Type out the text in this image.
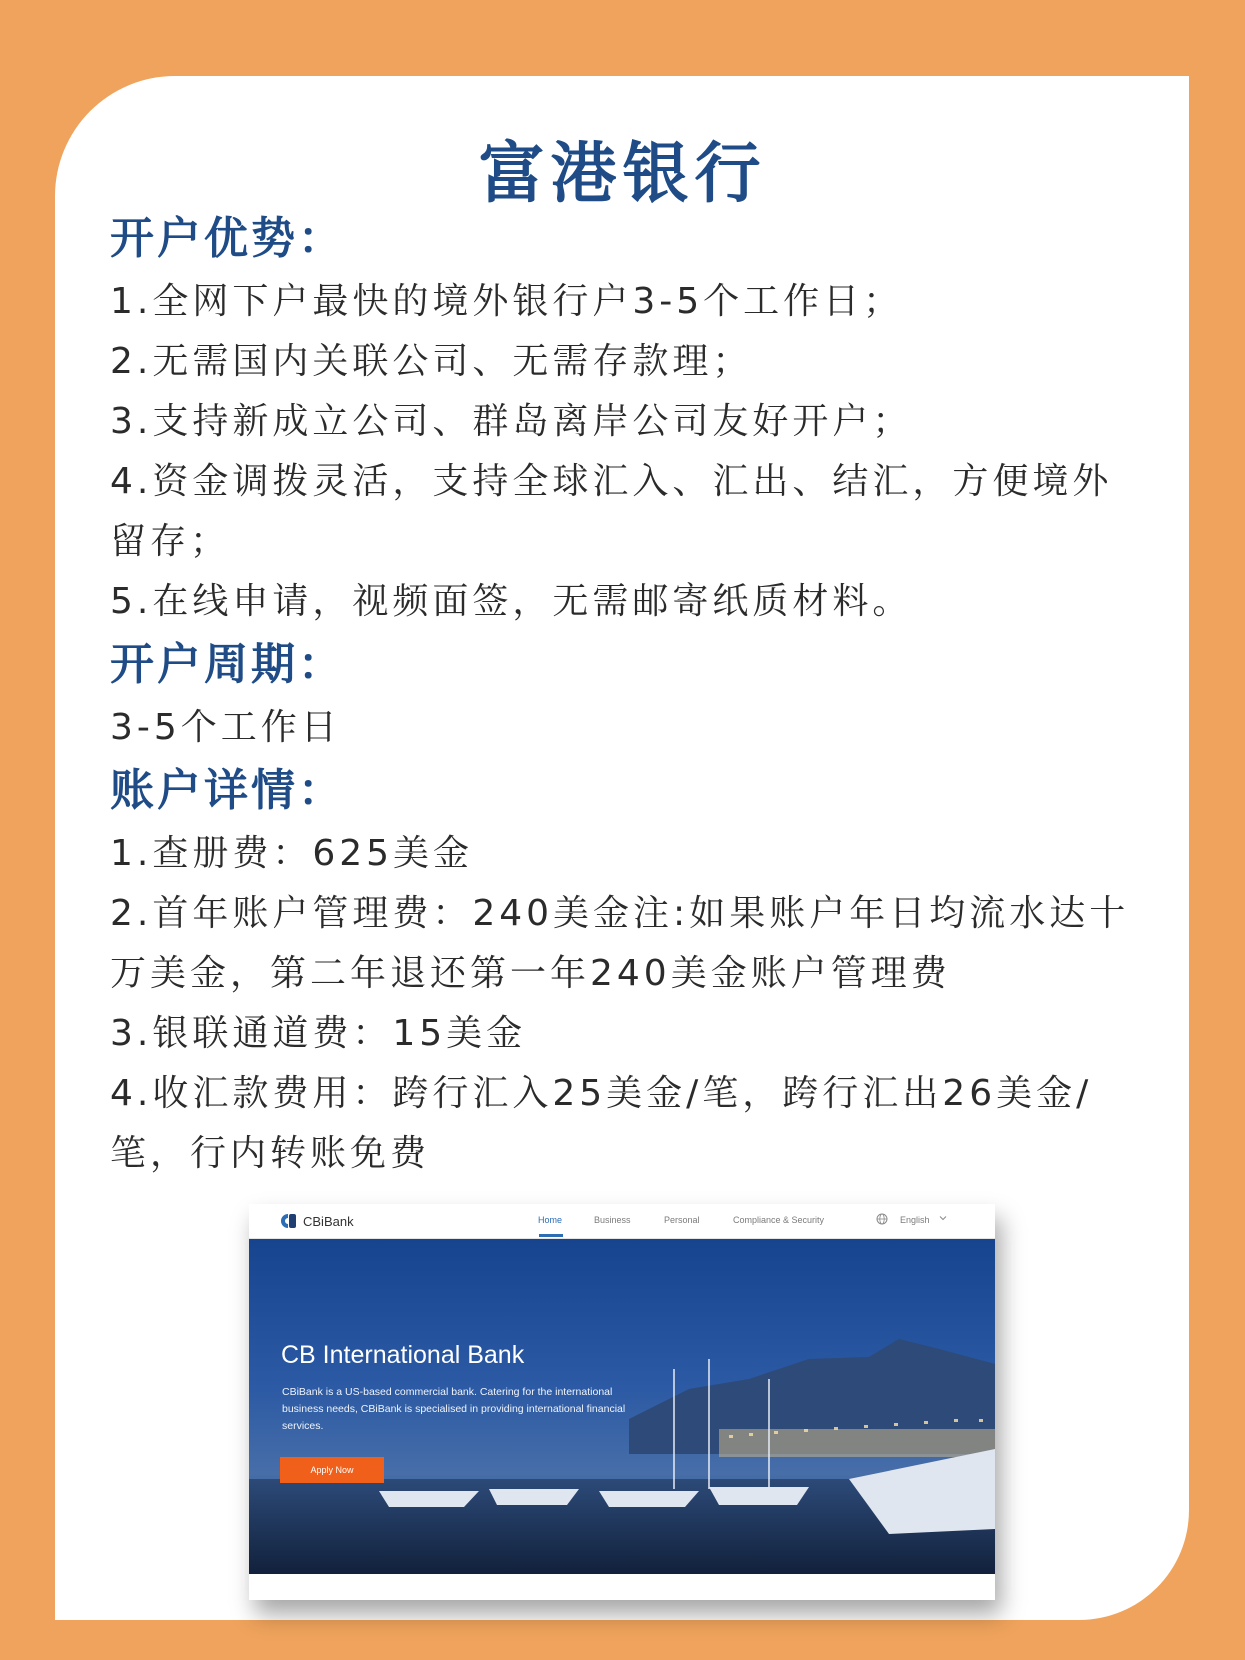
富港银行
开户优势：
1.全网下户最快的境外银行户3-5个工作日；
2.无需国内关联公司、无需存款理；
3.支持新成立公司、群岛离岸公司友好开户；
4.资金调拨灵活，支持全球汇入、汇出、结汇，方便境外
留存；
5.在线申请，视频面签，无需邮寄纸质材料。
开户周期：
3-5个工作日
账户详情：
1.查册费：625美金
2.首年账户管理费：240美金注:如果账户年日均流水达十
万美金，第二年退还第一年240美金账户管理费
3.银联通道费：15美金
4.收汇款费用：跨行汇入25美金/笔，跨行汇出26美金/
笔，行内转账免费
CBiBank	Home	Business	Personal	Compliance & Security	English
CB International Bank
CBiBank is a US-based commercial bank. Catering for the international business needs, CBiBank is specialised in providing international financial services.
Apply Now
